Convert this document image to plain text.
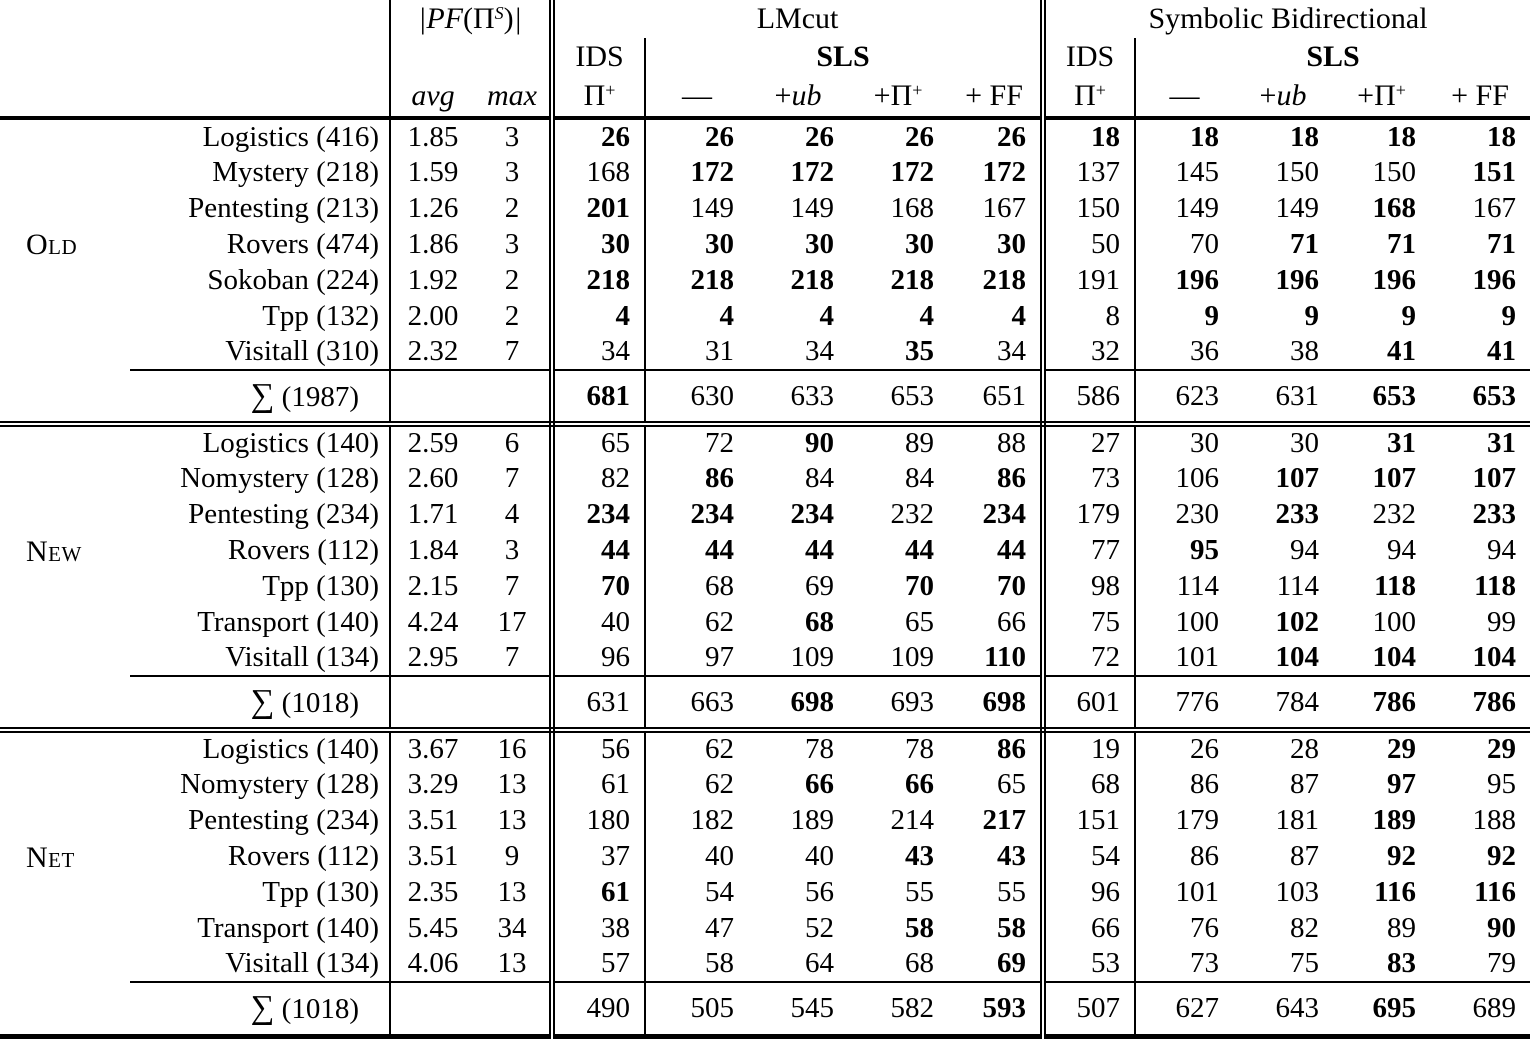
		$|PF(\Pi^S)|$		LMcut					Symbolic Bidirectional				
				IDS	SLS				IDS	SLS			
		avg	max	Π+	—	+ub	+Π+	+ FF	Π+	—	+ub	+Π+	+ FF
Old	Logistics (416)	1.85	3	26	26	26	26	26	18	18	18	18	18
	Mystery (218)	1.59	3	168	172	172	172	172	137	145	150	150	151
	Pentesting (213)	1.26	2	201	149	149	168	167	150	149	149	168	167
	Rovers (474)	1.86	3	30	30	30	30	30	50	70	71	71	71
	Sokoban (224)	1.92	2	218	218	218	218	218	191	196	196	196	196
	Tpp (132)	2.00	2	4	4	4	4	4	8	9	9	9	9
	Visitall (310)	2.32	7	34	31	34	35	34	32	36	38	41	41
∑ (1987)				681	630	633	653	651	586	623	631	653	653
New	Logistics (140)	2.59	6	65	72	90	89	88	27	30	30	31	31
	Nomystery (128)	2.60	7	82	86	84	84	86	73	106	107	107	107
	Pentesting (234)	1.71	4	234	234	234	232	234	179	230	233	232	233
	Rovers (112)	1.84	3	44	44	44	44	44	77	95	94	94	94
	Tpp (130)	2.15	7	70	68	69	70	70	98	114	114	118	118
	Transport (140)	4.24	17	40	62	68	65	66	75	100	102	100	99
	Visitall (134)	2.95	7	96	97	109	109	110	72	101	104	104	104
∑ (1018)				631	663	698	693	698	601	776	784	786	786
Net	Logistics (140)	3.67	16	56	62	78	78	86	19	26	28	29	29
	Nomystery (128)	3.29	13	61	62	66	66	65	68	86	87	97	95
	Pentesting (234)	3.51	13	180	182	189	214	217	151	179	181	189	188
	Rovers (112)	3.51	9	37	40	40	43	43	54	86	87	92	92
	Tpp (130)	2.35	13	61	54	56	55	55	96	101	103	116	116
	Transport (140)	5.45	34	38	47	52	58	58	66	76	82	89	90
	Visitall (134)	4.06	13	57	58	64	68	69	53	73	75	83	79
∑ (1018)				490	505	545	582	593	507	627	643	695	689
